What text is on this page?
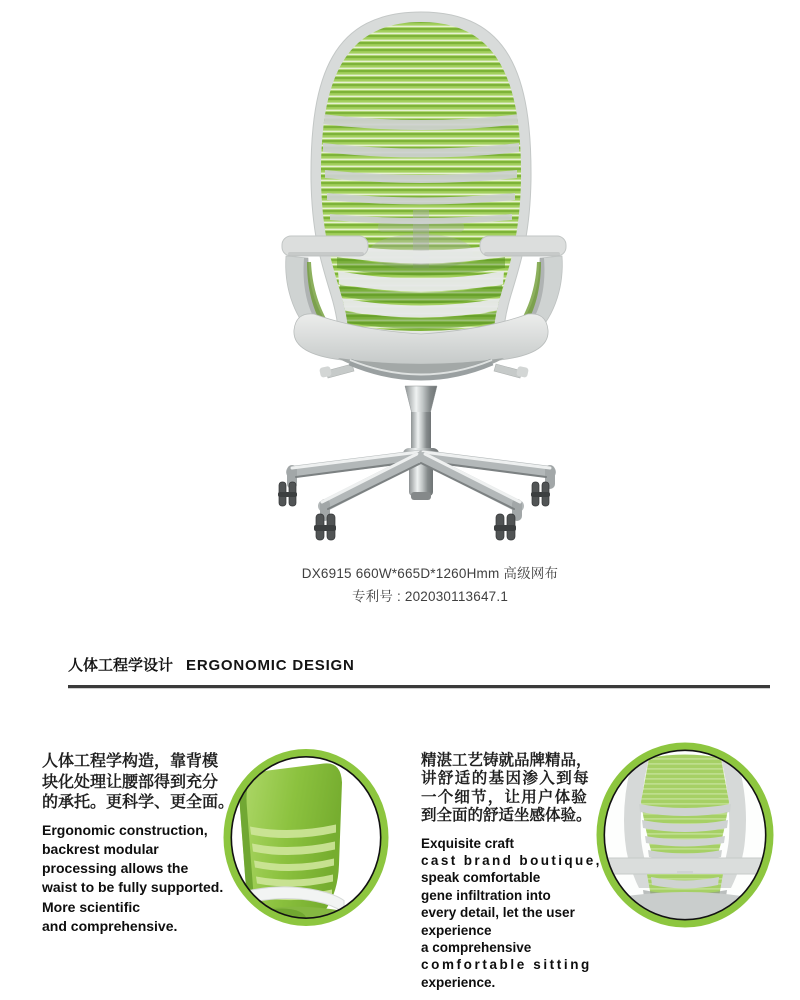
DX6915 660W*665D*1260Hmm 高级网布
专利号 : 202030113647.1
人体工程学设计 ERGONOMIC DESIGN
人体工程学构造，靠背模
块化处理让腰部得到充分
的承托。更科学、更全面。
Ergonomic construction,
backrest modular
processing allows the
waist to be fully supported.
More scientific
and comprehensive.
精湛工艺铸就品牌精品，
讲舒适的基因渗入到每
一个细节，让用户体验
到全面的舒适坐感体验。
Exquisite craft
cast brand boutique,
speak comfortable
gene infiltration into
every detail, let the user
experience
a comprehensive
comfortable sitting
experience.
